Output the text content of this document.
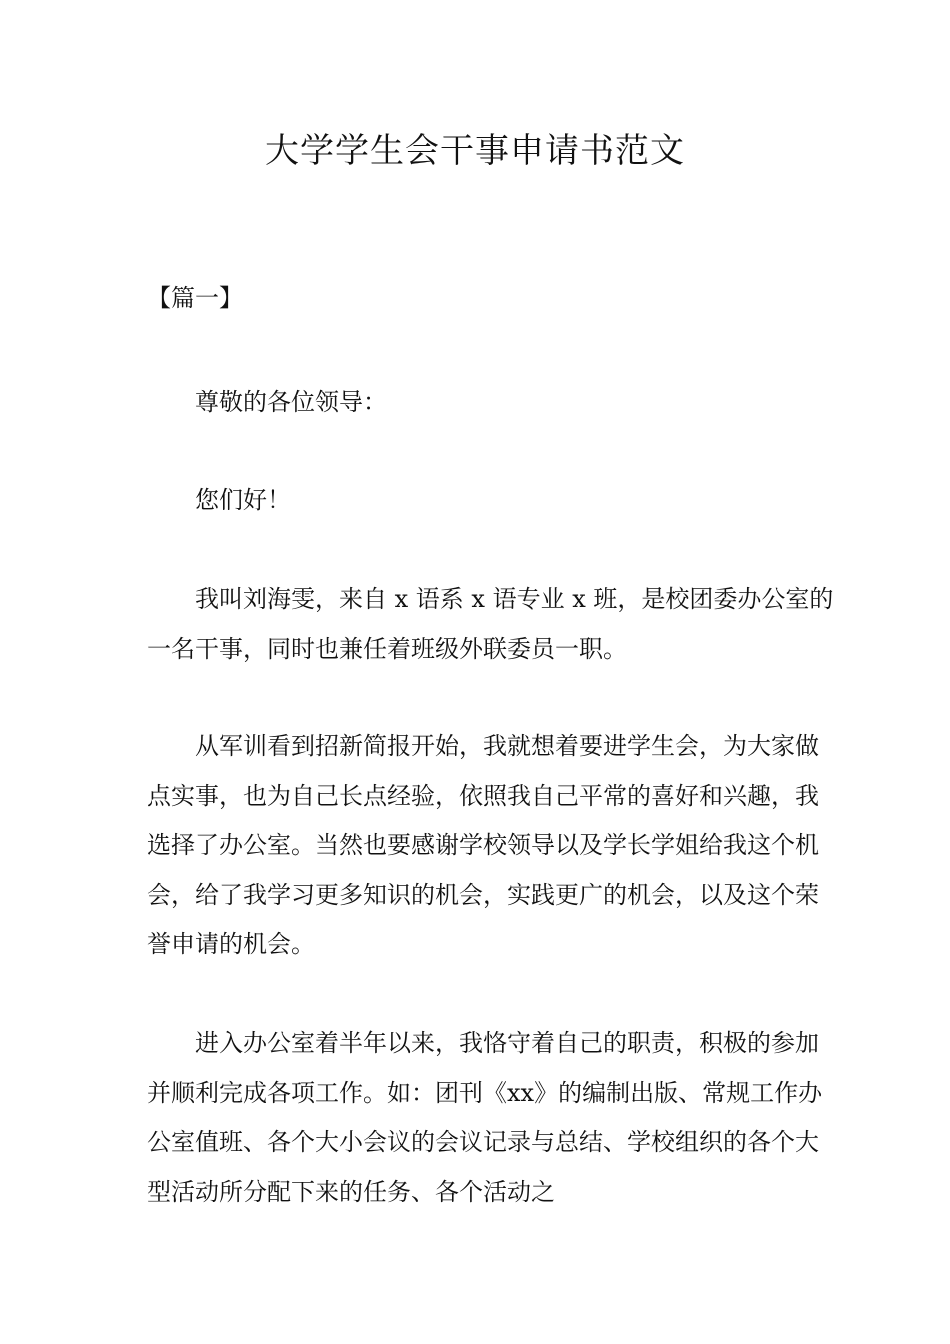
大学学生会干事申请书范文
【篇一】

尊敬的各位领导：

您们好！

我叫刘海雯，来自 x 语系 x 语专业 x 班，是校团委办公室的一名干事，同时也兼任着班级外联委员一职。

从军训看到招新简报开始，我就想着要进学生会，为大家做点实事，也为自己长点经验，依照我自己平常的喜好和兴趣，我选择了办公室。当然也要感谢学校领导以及学长学姐给我这个机会，给了我学习更多知识的机会，实践更广的机会，以及这个荣誉申请的机会。

进入办公室着半年以来，我恪守着自己的职责，积极的参加并顺利完成各项工作。如：团刊《xx》的编制出版、常规工作办公室值班、各个大小会议的会议记录与总结、学校组织的各个大型活动所分配下来的任务、各个活动之
